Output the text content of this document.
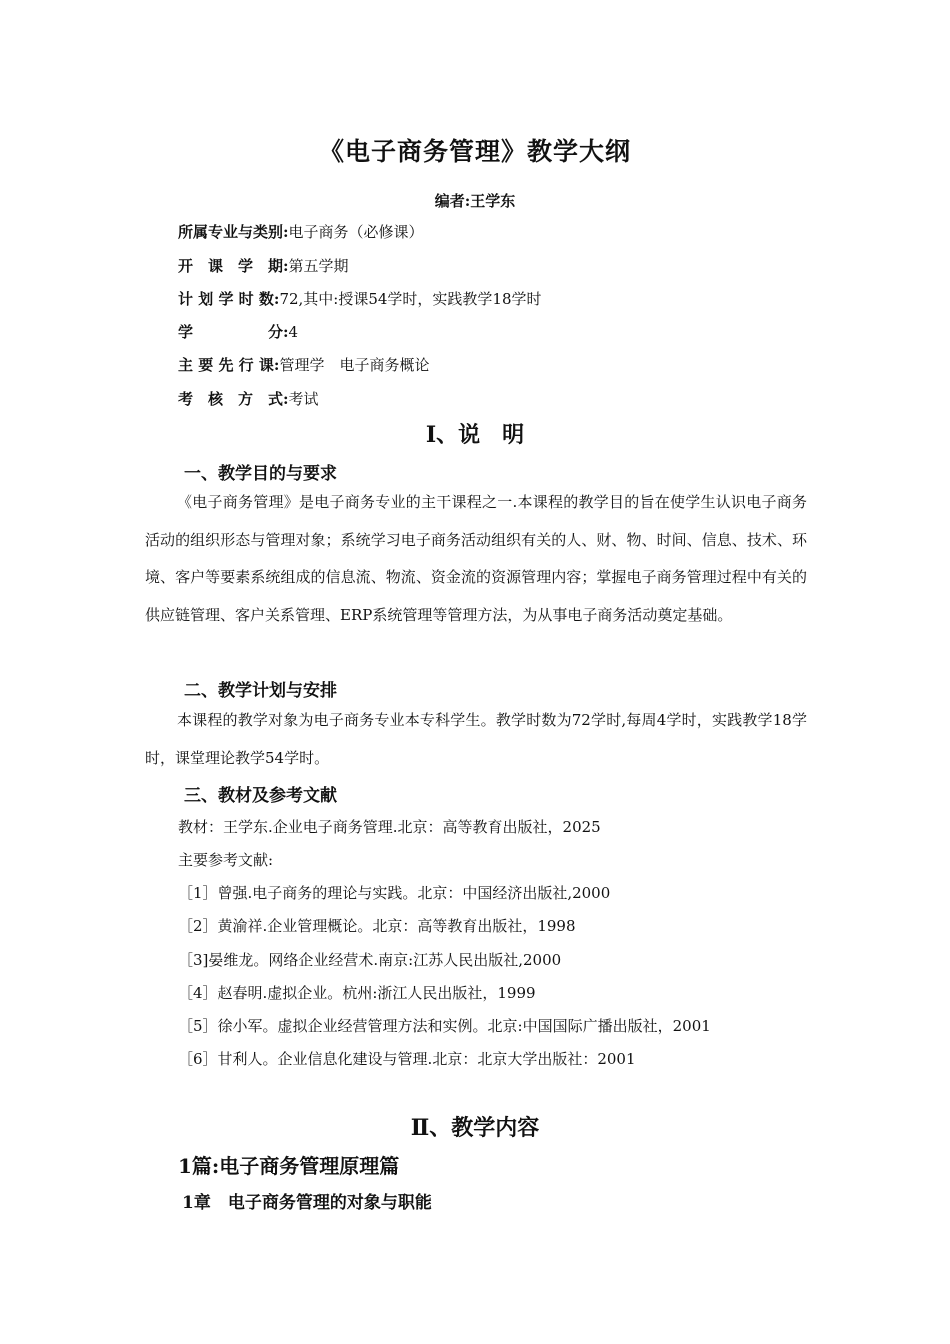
《电子商务管理》教学大纲
编者:王学东
所属专业与类别:电子商务（必修课）
开　课　学　期:第五学期
计 划 学 时 数:72,其中:授课54学时，实践教学18学时
学　　　　　分:4
主 要 先 行 课:管理学　电子商务概论
考　核　方　式:考试
Ⅰ、说　明
一、教学目的与要求
《电子商务管理》是电子商务专业的主干课程之一.本课程的教学目的旨在使学生认识电子商务活动的组织形态与管理对象；系统学习电子商务活动组织有关的人、财、物、时间、信息、技术、环境、客户等要素系统组成的信息流、物流、资金流的资源管理内容；掌握电子商务管理过程中有关的供应链管理、客户关系管理、ERP系统管理等管理方法，为从事电子商务活动奠定基础。
二、教学计划与安排
本课程的教学对象为电子商务专业本专科学生。教学时数为72学时,每周4学时，实践教学18学时，课堂理论教学54学时。
三、教材及参考文献
教材：王学东.企业电子商务管理.北京：高等教育出版社，2025
主要参考文献:
［1］曾强.电子商务的理论与实践。北京：中国经济出版社,2000
［2］黄渝祥.企业管理概论。北京：高等教育出版社，1998
［3]晏维龙。网络企业经营术.南京:江苏人民出版社,2000
［4］赵春明.虚拟企业。杭州:浙江人民出版社，1999
［5］徐小军。虚拟企业经营管理方法和实例。北京:中国国际广播出版社，2001
［6］甘利人。企业信息化建设与管理.北京：北京大学出版社：2001
Ⅱ、教学内容
1篇:电子商务管理原理篇
1章　电子商务管理的对象与职能
